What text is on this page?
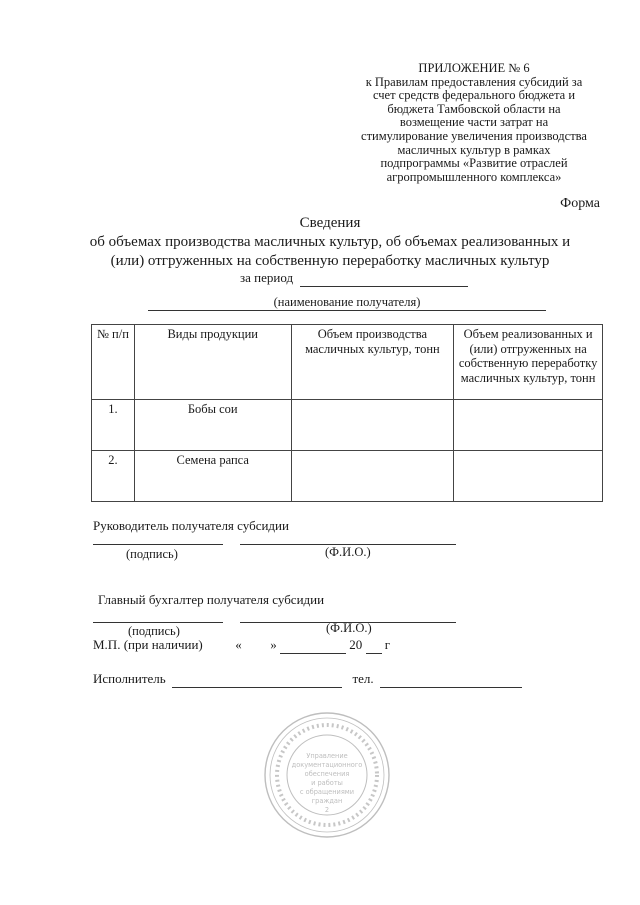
ПРИЛОЖЕНИЕ № 6
к Правилам предоставления субсидий за
счет средств федерального бюджета и
бюджета Тамбовской области на
возмещение части затрат на
стимулирование увеличения производства
масличных культур в рамках
подпрограммы «Развитие отраслей
агропромышленного комплекса»
Форма
Сведения
об объемах производства масличных культур, об объемах реализованных и
(или) отгруженных на собственную переработку масличных культур
за период

(наименование получателя)
№ п/п	Виды продукции	Объем производства масличных культур, тонн	Объем реализованных и (или) отгруженных на собственную переработку масличных культур, тонн
1.	Бобы сои		
2.	Семена рапса		
Руководитель получателя субсидии
(подпись)	(Ф.И.О.)
Главный бухгалтер получателя субсидии
(подпись)	(Ф.И.О.)
М.П. (при наличии)	« »	20 г
Исполнитель	тел.
Управление
документационного
обеспечения
и работы
с обращениями
граждан
2
